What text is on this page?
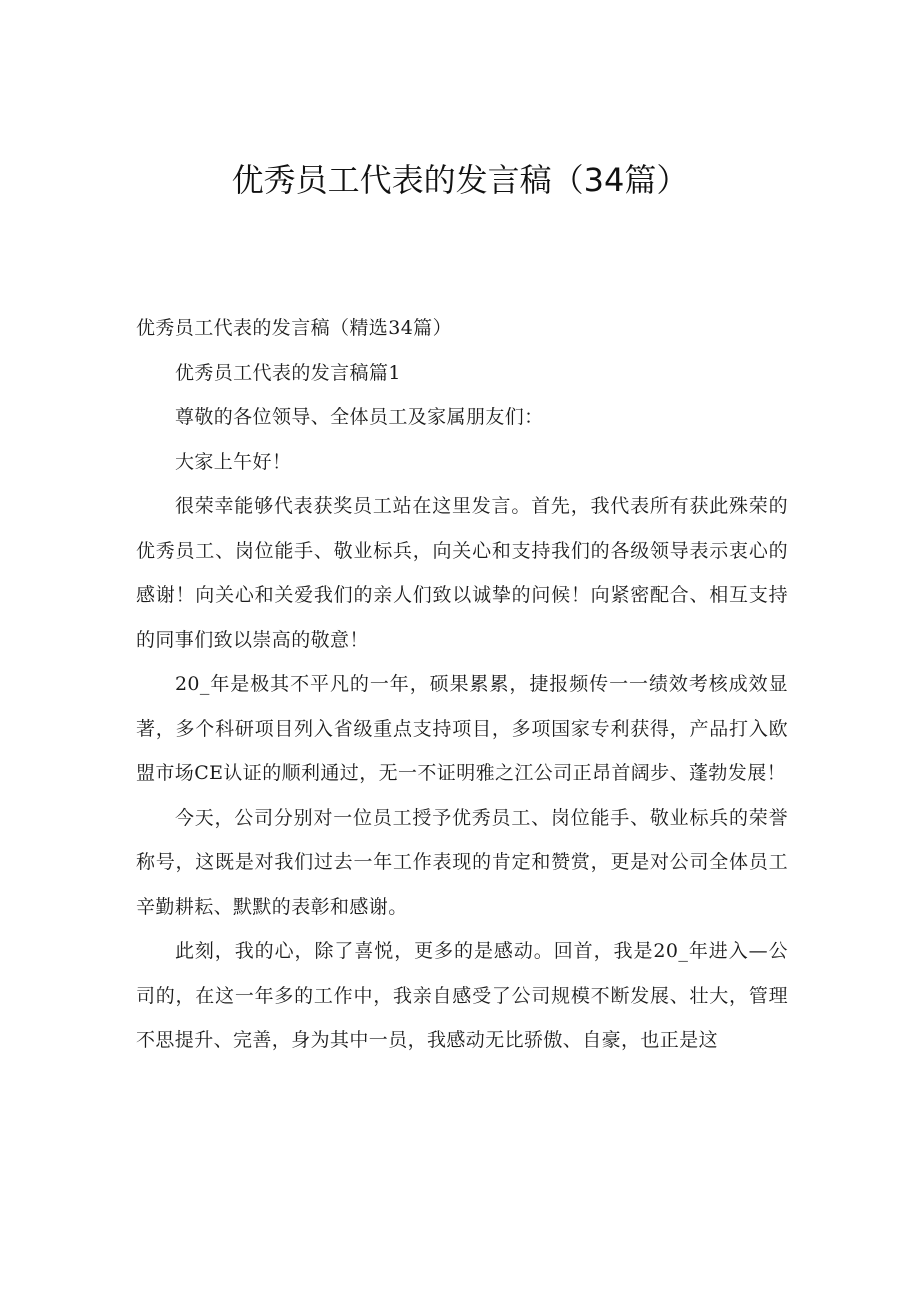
优秀员工代表的发言稿（34篇）

优秀员工代表的发言稿（精选34篇）

优秀员工代表的发言稿篇1

尊敬的各位领导、全体员工及家属朋友们：

大家上午好！

很荣幸能够代表获奖员工站在这里发言。首先，我代表所有获此殊荣的优秀员工、岗位能手、敬业标兵，向关心和支持我们的各级领导表示衷心的感谢！向关心和关爱我们的亲人们致以诚挚的问候！向紧密配合、相互支持的同事们致以崇高的敬意！

20_年是极其不平凡的一年，硕果累累，捷报频传一一绩效考核成效显著，多个科研项目列入省级重点支持项目，多项国家专利获得，产品打入欧盟市场CE认证的顺利通过，无一不证明雅之江公司正昂首阔步、蓬勃发展！

今天，公司分别对一位员工授予优秀员工、岗位能手、敬业标兵的荣誉称号，这既是对我们过去一年工作表现的肯定和赞赏，更是对公司全体员工辛勤耕耘、默默的表彰和感谢。

此刻，我的心，除了喜悦，更多的是感动。回首，我是20_年进入—公司的，在这一年多的工作中，我亲自感受了公司规模不断发展、壮大，管理不思提升、完善，身为其中一员，我感动无比骄傲、自豪，也正是这
